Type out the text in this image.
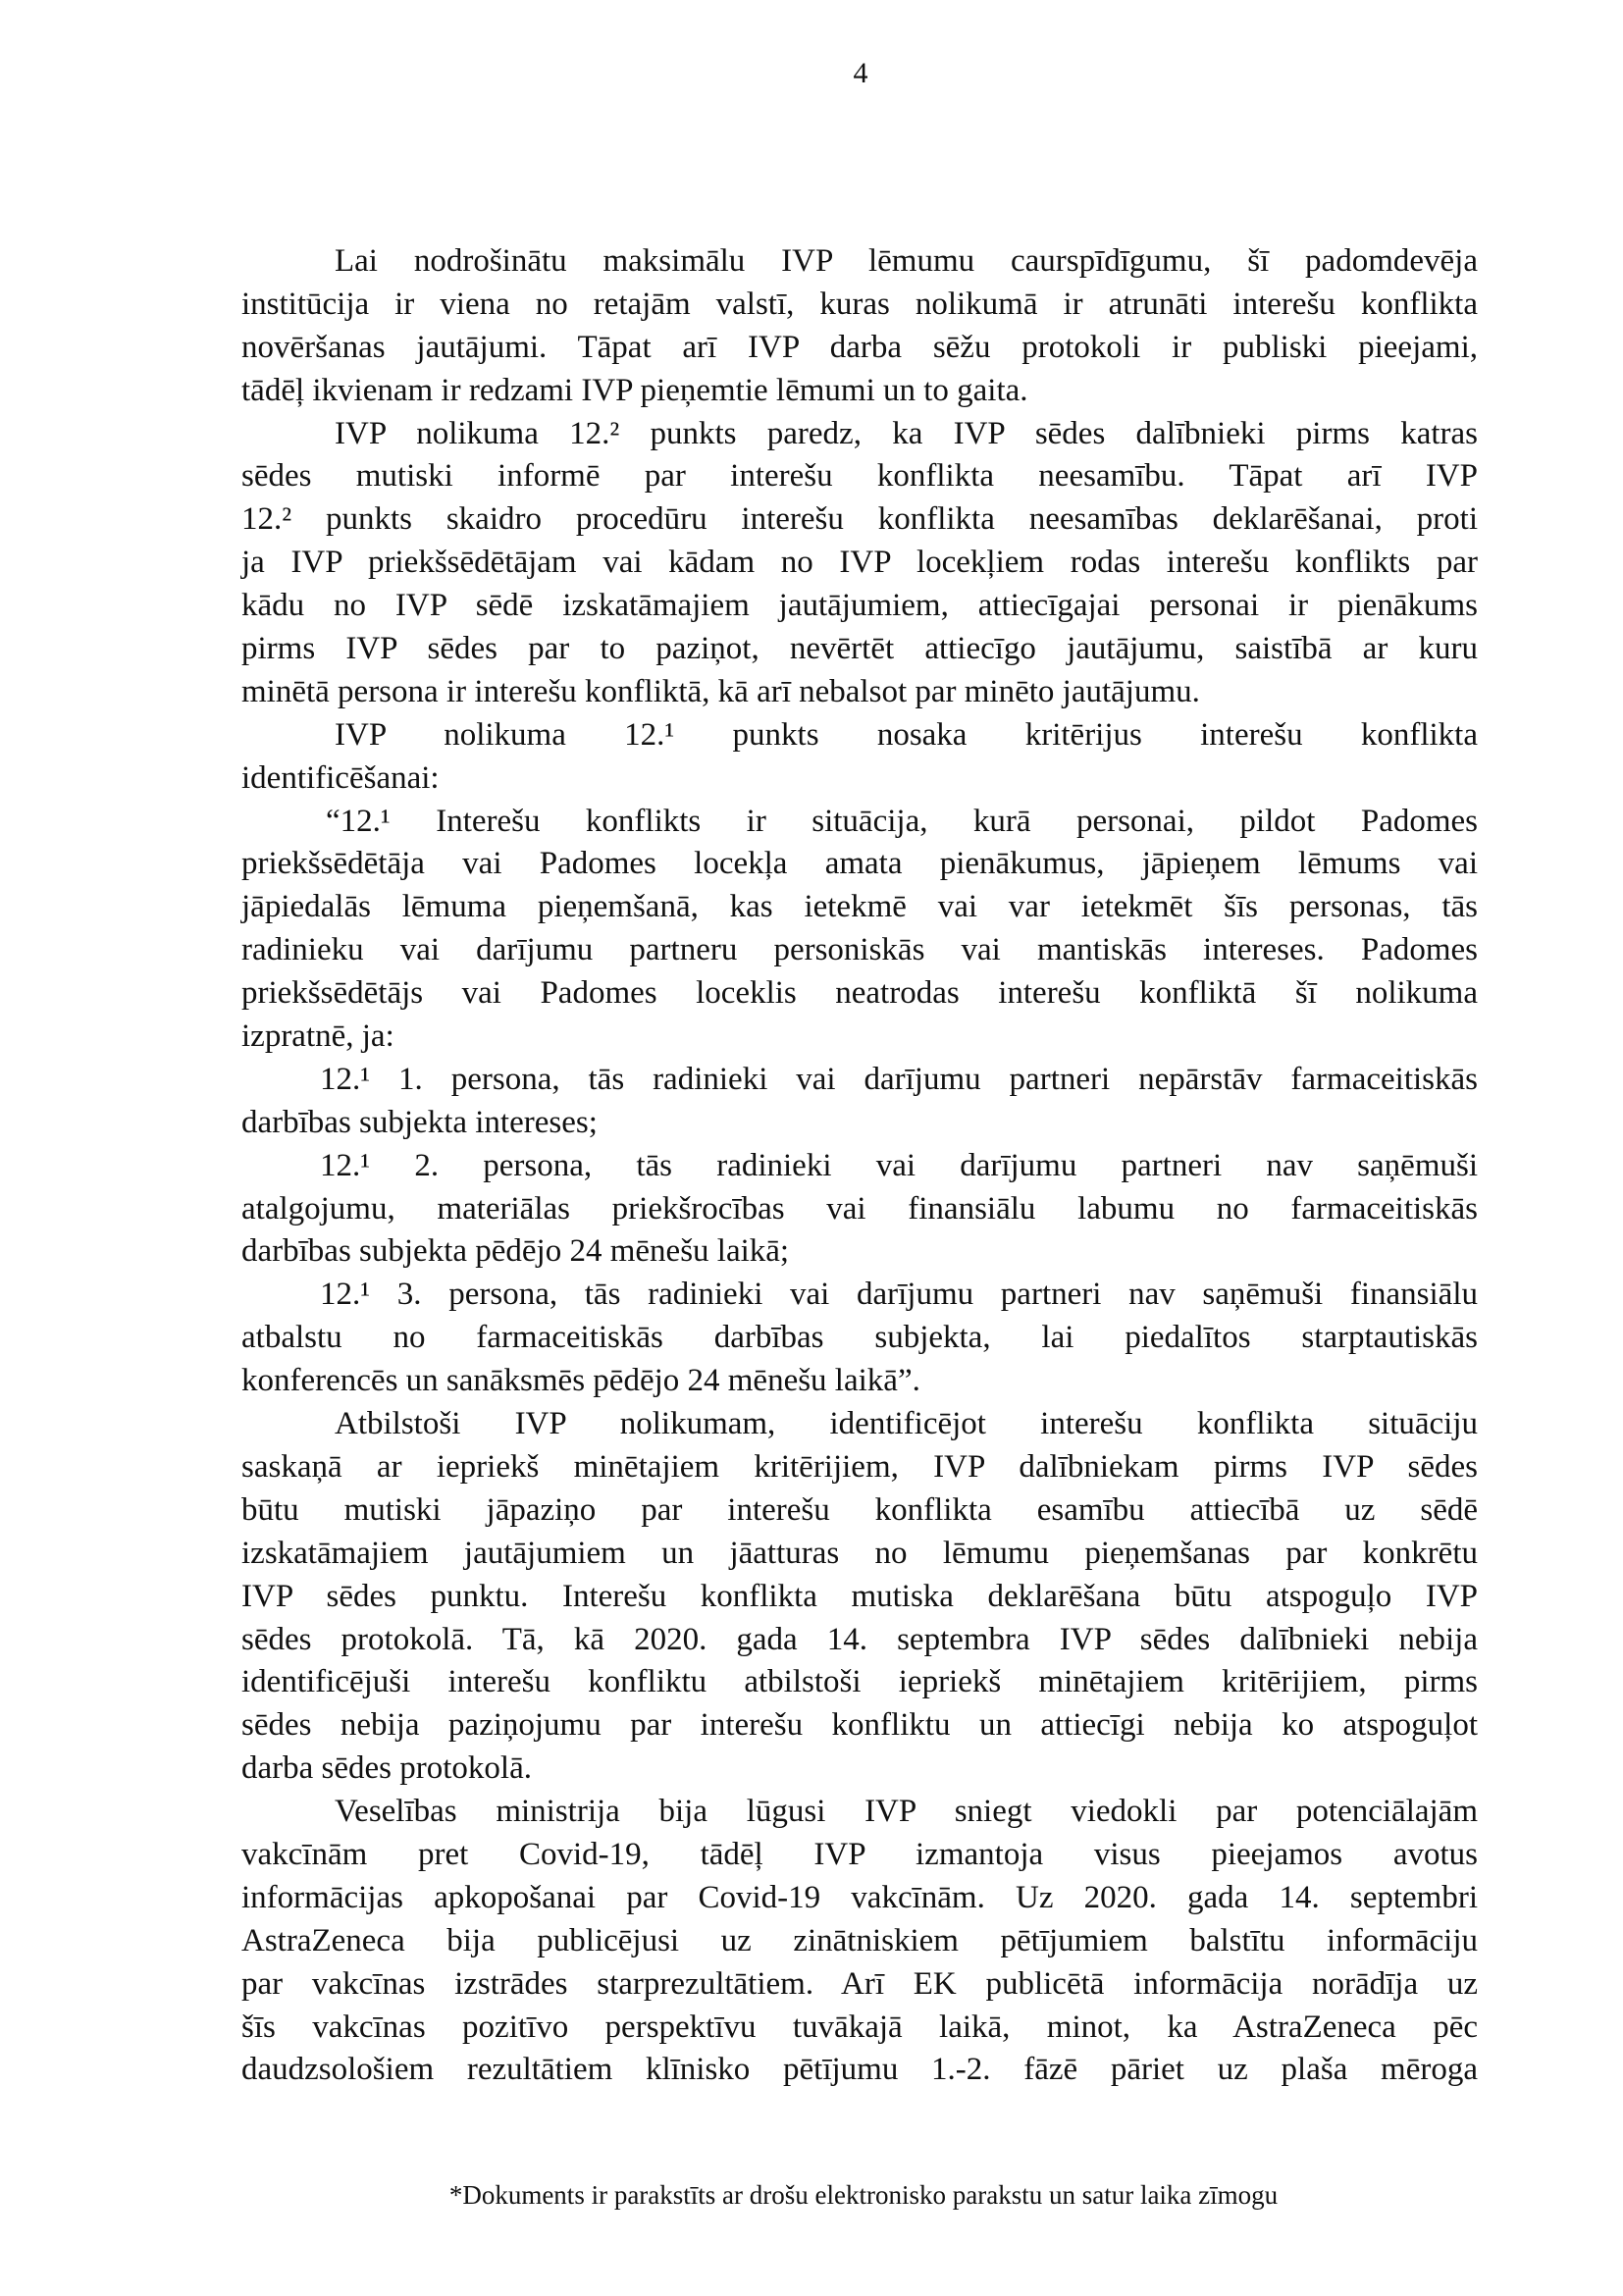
4
Lai nodrošinātu maksimālu IVP lēmumu caurspīdīgumu, šī padomdevēja
institūcija ir viena no retajām valstī, kuras nolikumā ir atrunāti interešu konflikta
novēršanas jautājumi. Tāpat arī IVP darba sēžu protokoli ir publiski pieejami,
tādēļ ikvienam ir redzami IVP pieņemtie lēmumi un to gaita.
IVP nolikuma 12.² punkts paredz, ka IVP sēdes dalībnieki pirms katras
sēdes mutiski informē par interešu konflikta neesamību. Tāpat arī IVP
12.² punkts skaidro procedūru interešu konflikta neesamības deklarēšanai, proti
ja IVP priekšsēdētājam vai kādam no IVP locekļiem rodas interešu konflikts par
kādu no IVP sēdē izskatāmajiem jautājumiem, attiecīgajai personai ir pienākums
pirms IVP sēdes par to paziņot, nevērtēt attiecīgo jautājumu, saistībā ar kuru
minētā persona ir interešu konfliktā, kā arī nebalsot par minēto jautājumu.
IVP nolikuma 12.¹ punkts nosaka kritērijus interešu konflikta
identificēšanai:
“12.¹ Interešu konflikts ir situācija, kurā personai, pildot Padomes
priekšsēdētāja vai Padomes locekļa amata pienākumus, jāpieņem lēmums vai
jāpiedalās lēmuma pieņemšanā, kas ietekmē vai var ietekmēt šīs personas, tās
radinieku vai darījumu partneru personiskās vai mantiskās intereses. Padomes
priekšsēdētājs vai Padomes loceklis neatrodas interešu konfliktā šī nolikuma
izpratnē, ja:
12.¹ 1. persona, tās radinieki vai darījumu partneri nepārstāv farmaceitiskās
darbības subjekta intereses;
12.¹ 2. persona, tās radinieki vai darījumu partneri nav saņēmuši
atalgojumu, materiālas priekšrocības vai finansiālu labumu no farmaceitiskās
darbības subjekta pēdējo 24 mēnešu laikā;
12.¹ 3. persona, tās radinieki vai darījumu partneri nav saņēmuši finansiālu
atbalstu no farmaceitiskās darbības subjekta, lai piedalītos starptautiskās
konferencēs un sanāksmēs pēdējo 24 mēnešu laikā”.
Atbilstoši IVP nolikumam, identificējot interešu konflikta situāciju
saskaņā ar iepriekš minētajiem kritērijiem, IVP dalībniekam pirms IVP sēdes
būtu mutiski jāpaziņo par interešu konflikta esamību attiecībā uz sēdē
izskatāmajiem jautājumiem un jāatturas no lēmumu pieņemšanas par konkrētu
IVP sēdes punktu. Interešu konflikta mutiska deklarēšana būtu atspoguļo IVP
sēdes protokolā. Tā, kā 2020. gada 14. septembra IVP sēdes dalībnieki nebija
identificējuši interešu konfliktu atbilstoši iepriekš minētajiem kritērijiem, pirms
sēdes nebija paziņojumu par interešu konfliktu un attiecīgi nebija ko atspoguļot
darba sēdes protokolā.
Veselības ministrija bija lūgusi IVP sniegt viedokli par potenciālajām
vakcīnām pret Covid-19, tādēļ IVP izmantoja visus pieejamos avotus
informācijas apkopošanai par Covid-19 vakcīnām. Uz 2020. gada 14. septembri
AstraZeneca bija publicējusi uz zinātniskiem pētījumiem balstītu informāciju
par vakcīnas izstrādes starprezultātiem. Arī EK publicētā informācija norādīja uz
šīs vakcīnas pozitīvo perspektīvu tuvākajā laikā, minot, ka AstraZeneca pēc
daudzsološiem rezultātiem klīnisko pētījumu 1.-2. fāzē pāriet uz plaša mēroga
*Dokuments ir parakstīts ar drošu elektronisko parakstu un satur laika zīmogu
